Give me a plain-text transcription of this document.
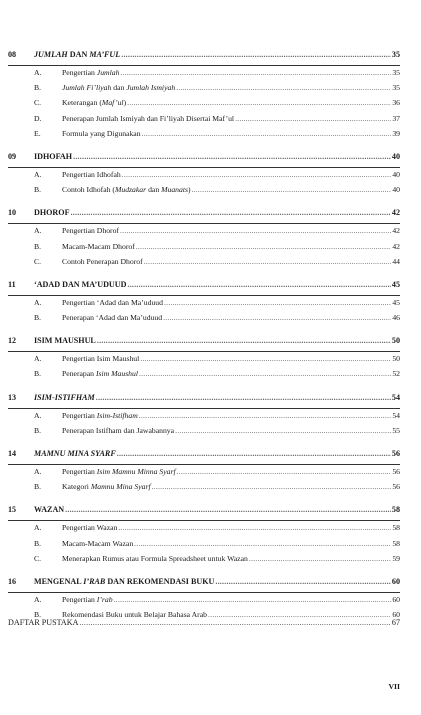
08	JUMLAH DAN MA’FUL .....	35
A.	Pengertian Jumlah .....	35
B.	Jumlah Fi’liyah dan Jumlah Ismiyah .....	35
C.	Keterangan (Maf’ul) .....	36
D.	Penerapan Jumlah Ismiyah dan Fi’liyah Disertai Maf’ul .....	37
E.	Formula yang Digunakan .....	39
09	IDHOFAH .....	40
A.	Pengertian Idhofah .....	40
B.	Contoh Idhofah (Mudzakar dan Muanats) .....	40
10	DHOROF .....	42
A.	Pengertian Dhorof .....	42
B.	Macam-Macam Dhorof .....	42
C.	Contoh Penerapan Dhorof .....	44
11	‘ADAD DAN MA’UDUUD .....	45
A.	Pengertian ‘Adad dan Ma’uduud .....	45
B.	Penerapan ‘Adad dan Ma’uduud .....	46
12	ISIM MAUSHUL .....	50
A.	Pengertian Isim Maushul .....	50
B.	Penerapan Isim Maushul .....	52
13	ISIM-ISTIFHAM .....	54
A.	Pengertian Isim-Istifham .....	54
B.	Penerapan Istifham dan Jawabannya .....	55
14	MAMNU MINA SYARF .....	56
A.	Pengertian Isim Mamnu Minna Syarf .....	56
B.	Kategori Mamnu Mina Syarf .....	56
15	WAZAN .....	58
A.	Pengertian Wazan .....	58
B.	Macam-Macam Wazan .....	58
C.	Menerapkan Rumus atau Formula Spreadsheet untuk Wazan .....	59
16	MENGENAL I’RAB DAN REKOMENDASI BUKU .....	60
A.	Pengertian I’rab .....	60
B.	Rekomendasi Buku untuk Belajar Bahasa Arab .....	60
DAFTAR PUSTAKA .....	67
VII
